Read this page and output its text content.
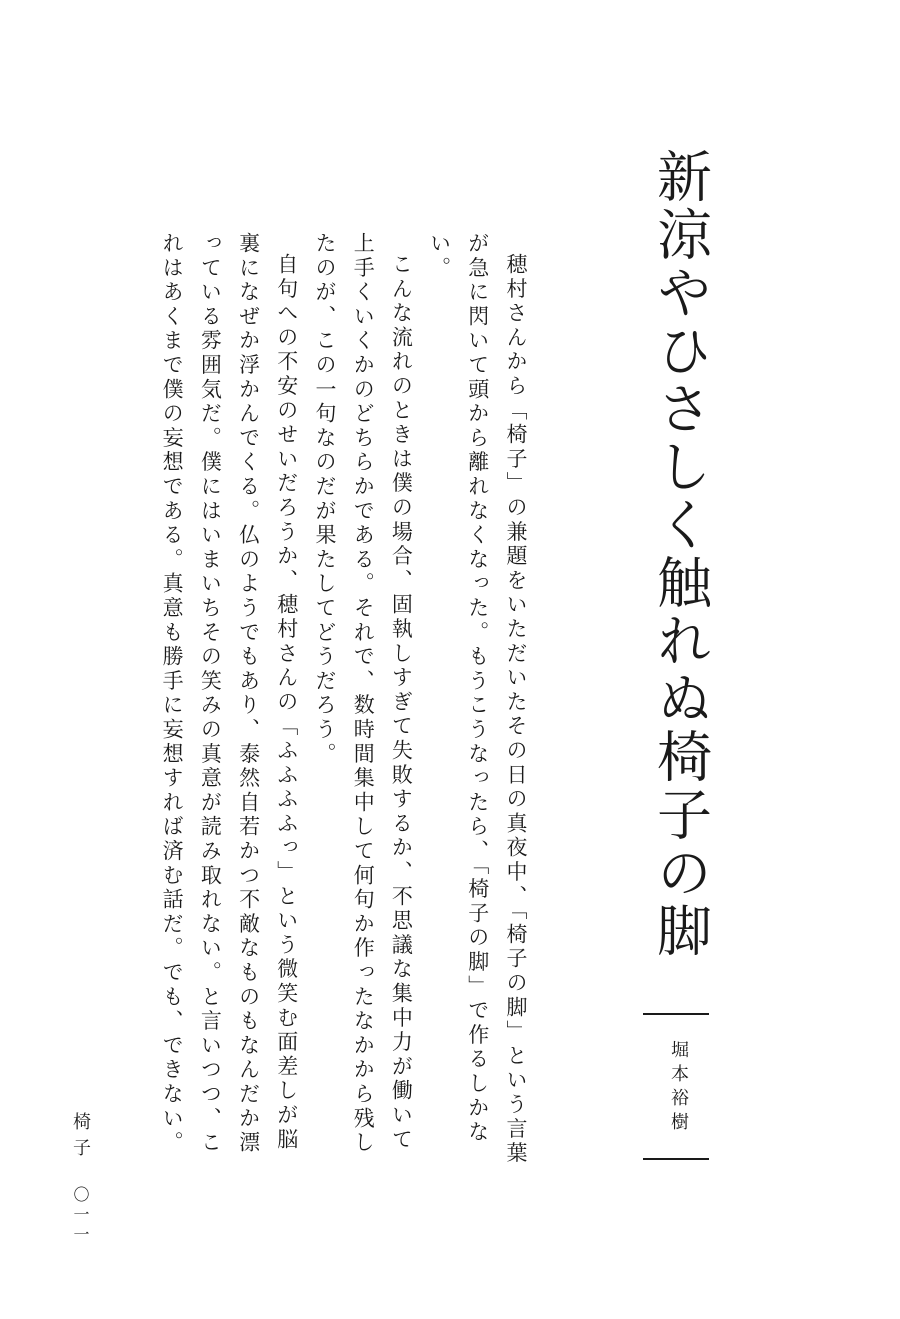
新涼やひさしく触れぬ椅子の脚
堀本裕樹

穂村さんから「椅子」の兼題をいただいたその日の真夜中、「椅子の脚」という言葉が急に閃いて頭から離れなくなった。もうこうなったら、「椅子の脚」で作るしかない。

こんな流れのときは僕の場合、固執しすぎて失敗するか、不思議な集中力が働いて上手くいくかのどちらかである。それで、数時間集中して何句か作ったなかから残したのが、この一句なのだが果たしてどうだろう。

自句への不安のせいだろうか、穂村さんの「ふふふふっ」という微笑む面差しが脳裏になぜか浮かんでくる。仏のようでもあり、泰然自若かつ不敵なものもなんだか漂っている雰囲気だ。僕にはいまいちその笑みの真意が読み取れない。と言いつつ、これはあくまで僕の妄想である。真意も勝手に妄想すれば済む話だ。でも、できない。

椅子
〇一一
